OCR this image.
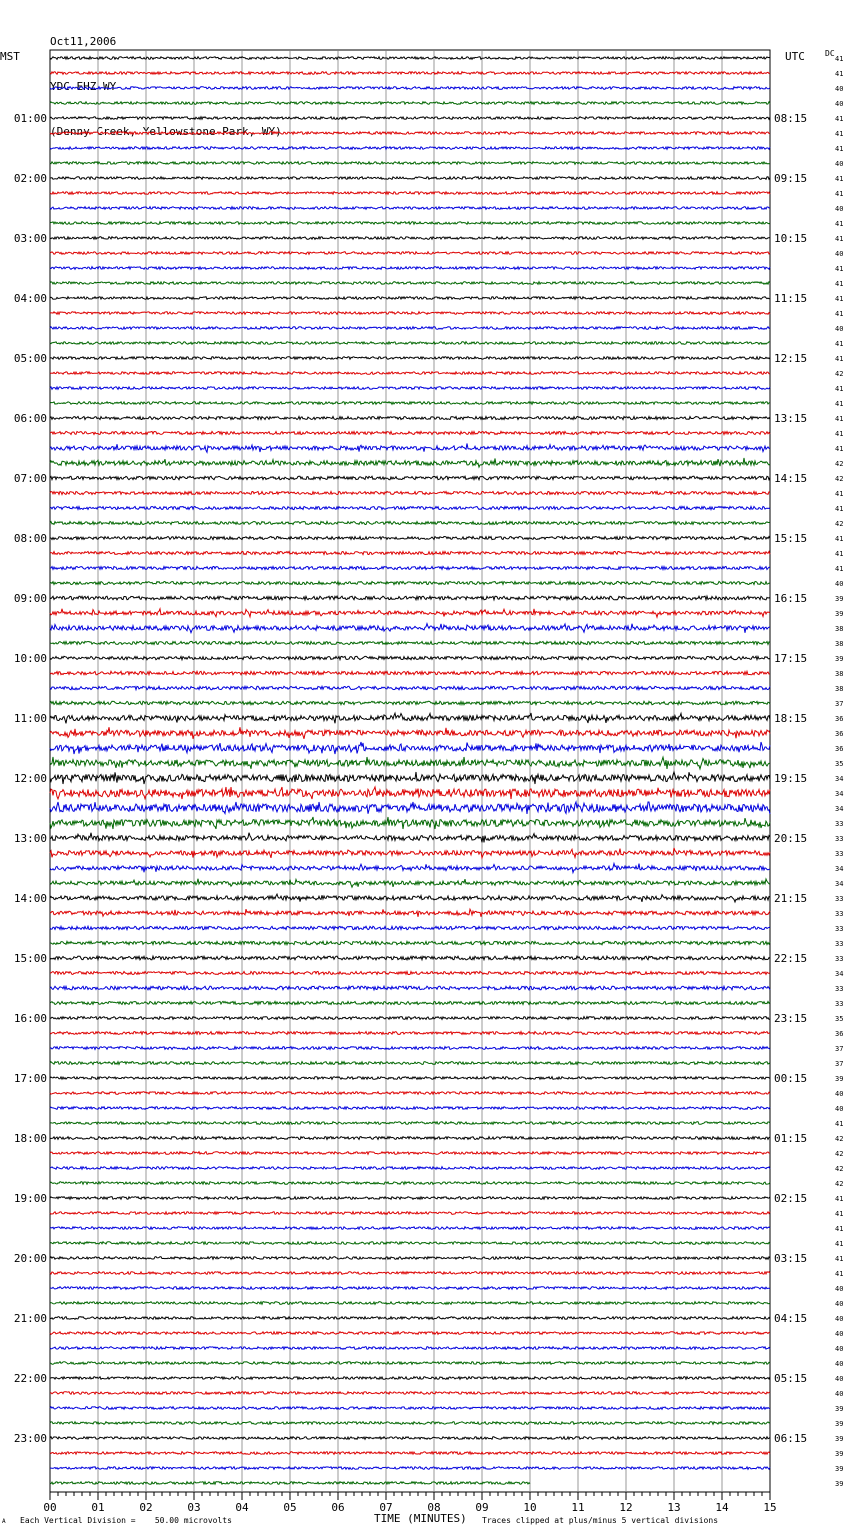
Oct11,2006

YDC EHZ WY

(Denny Creek, Yellowstone Park, WY)

MST	UTC	DC
41
41
40
40
41
41
41
40
41
41
40
41
41
40
41
41
41
41
40
41
41
42
41
41
41
41
41
42
42
41
41
42
41
41
41
40
39
39
38
38
39
38
38
37
36
36
36
35
34
34
34
33
33
33
34
34
33
33
33
33
33
34
33
33
35
36
37
37
39
40
40
41
42
42
42
42
41
41
41
41
41
41
40
40
40
40
40
40
40
40
39
39
39
39
39
39
01:00
02:00
03:00
04:00
05:00
06:00
07:00
08:00
09:00
10:00
11:00
12:00
13:00
14:00
15:00
16:00
17:00
18:00
19:00
20:00
21:00
22:00
23:00
08:15
09:15
10:15
11:15
12:15
13:15
14:15
15:15
16:15
17:15
18:15
19:15
20:15
21:15
22:15
23:15
00:15
01:15
02:15
03:15
04:15
05:15
06:15
00	01	02	03	04	05	06	07	08	09	10	11	12	13	14	15
A Each Vertical Division =    50.00 microvolts	TIME (MINUTES) Traces clipped at plus/minus 5 vertical divisions
